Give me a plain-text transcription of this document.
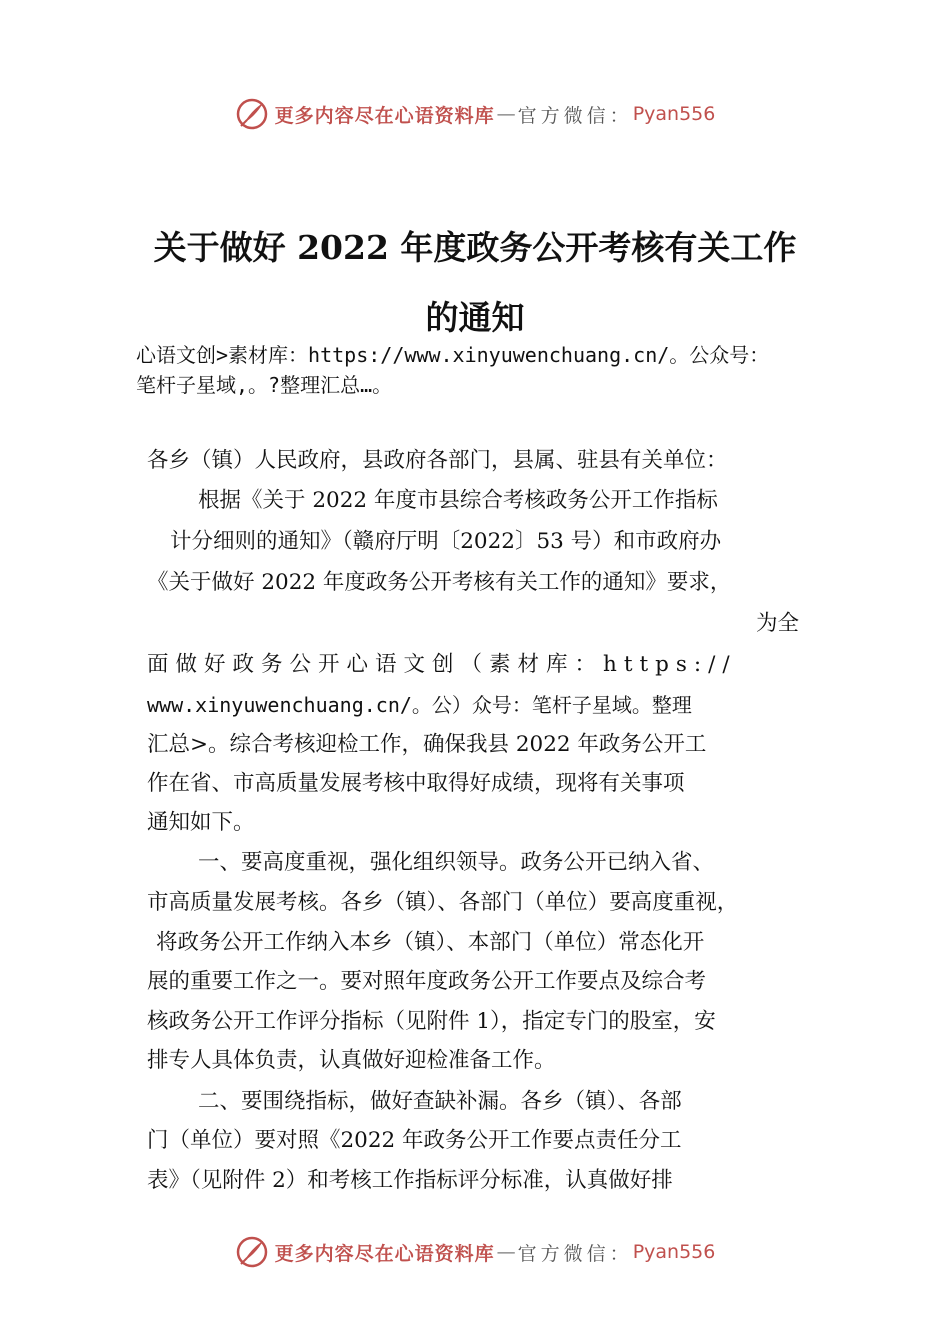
更多内容尽在心语资料库 — 官方微信： Pyan556
关于做好 2022 年度政务公开考核有关工作
的通知
心语文创>素材库：https://www.xinyuwenchuang.cn/。公众号：
笔杆子星域,。?整理汇总…。
各乡（镇）人民政府，县政府各部门，县属、驻县有关单位：
根据《关于 2022 年度市县综合考核政务公开工作指标
计分细则的通知》（赣府厅明〔2022〕53 号）和市政府办
《关于做好 2022 年度政务公开考核有关工作的通知》要求，
为全
面做好政务公开心语文创（素材库：https://
www.xinyuwenchuang.cn/。公）众号：笔杆子星域。整理
汇总>。综合考核迎检工作，确保我县 2022 年政务公开工
作在省、市高质量发展考核中取得好成绩，现将有关事项
通知如下。
一、要高度重视，强化组织领导。政务公开已纳入省、
市高质量发展考核。各乡（镇）、各部门（单位）要高度重视，
将政务公开工作纳入本乡（镇）、本部门（单位）常态化开
展的重要工作之一。要对照年度政务公开工作要点及综合考
核政务公开工作评分指标（见附件 1），指定专门的股室，安
排专人具体负责，认真做好迎检准备工作。
二、要围绕指标，做好查缺补漏。各乡（镇）、各部
门（单位）要对照《2022 年政务公开工作要点责任分工
表》（见附件 2）和考核工作指标评分标准，认真做好排
更多内容尽在心语资料库 — 官方微信： Pyan556
